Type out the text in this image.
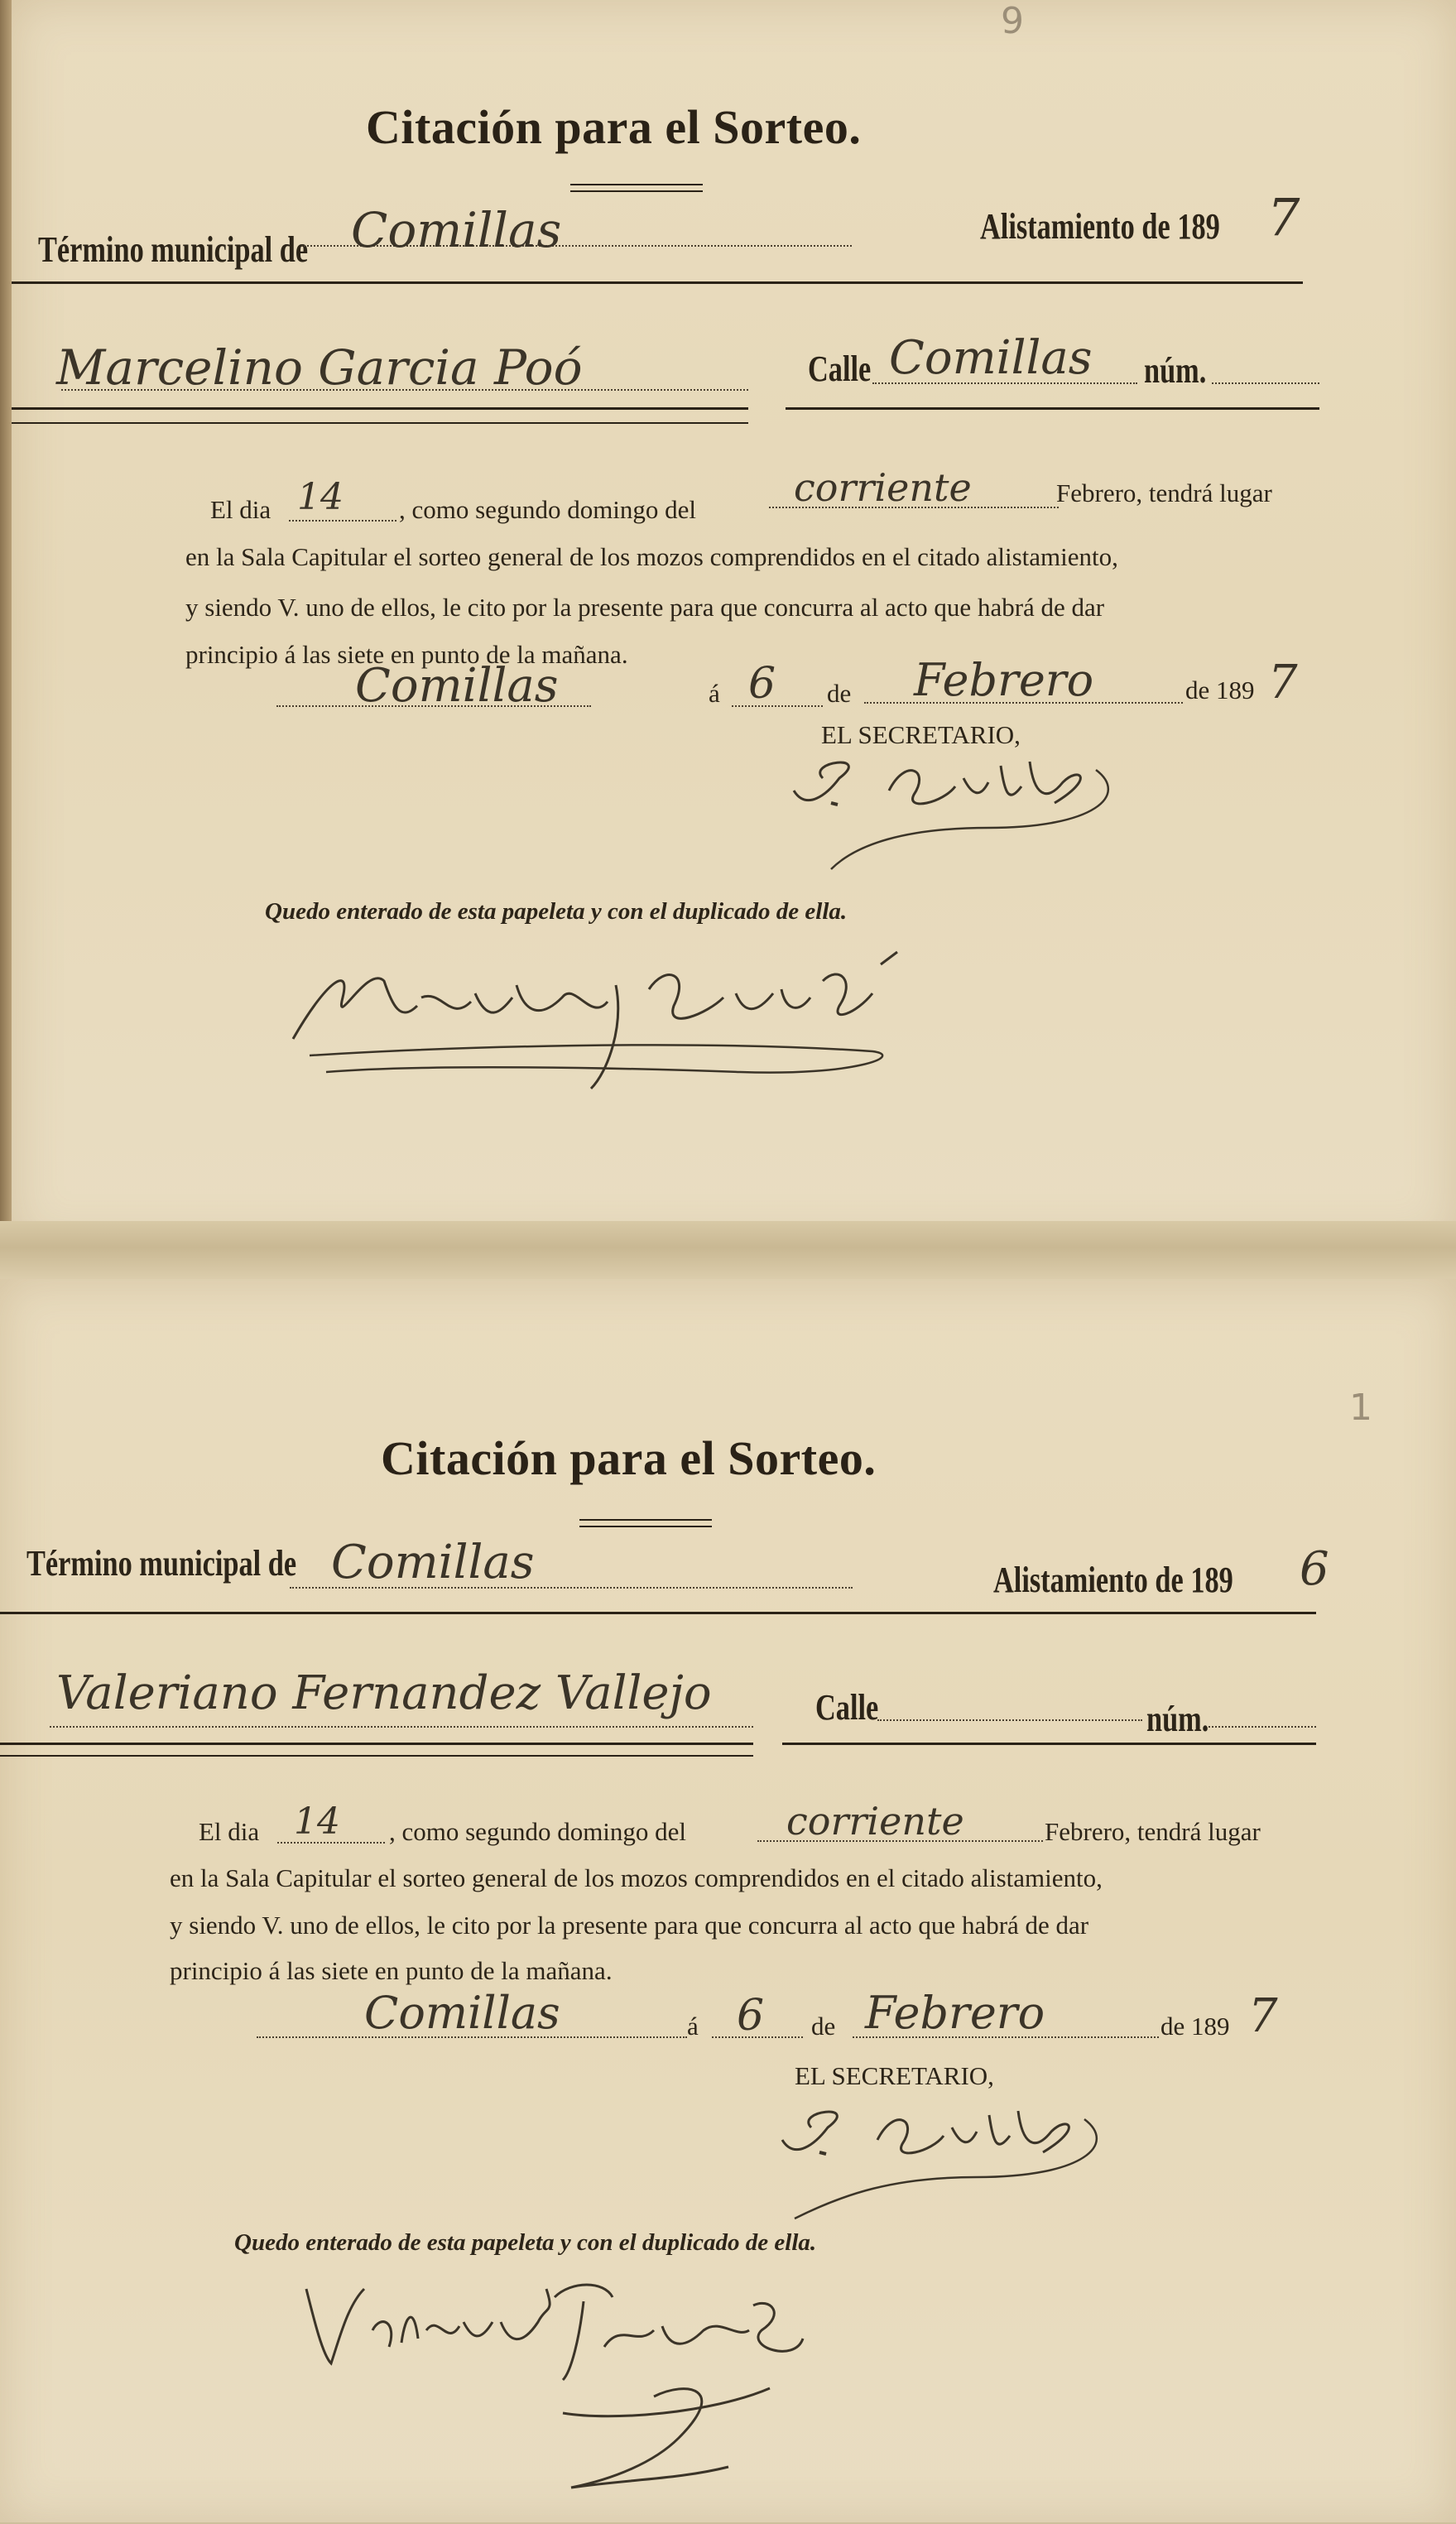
9
Citación para el Sorteo.
Término municipal de Comillas	Alistamiento de 189 7
Marcelino Garcia Poó	Calle Comillas núm.
El dia 14 , como segundo domingo del	corriente	Febrero, tendrá lugar
en la Sala Capitular el sorteo general de los mozos comprendidos en el citado alistamiento,
y siendo V. uno de ellos, le cito por la presente para que concurra al acto que habrá de dar
principio á las siete en punto de la mañana.
Comillas	á 6 de Febrero	de 189 7
EL SECRETARIO,
Quedo enterado de esta papeleta y con el duplicado de ella.
1
Citación para el Sorteo.
Término municipal de Comillas	Alistamiento de 189 6
Valeriano Fernandez Vallejo	Calle	núm.
El dia 14 , como segundo domingo del	corriente	Febrero, tendrá lugar
en la Sala Capitular el sorteo general de los mozos comprendidos en el citado alistamiento,
y siendo V. uno de ellos, le cito por la presente para que concurra al acto que habrá de dar
principio á las siete en punto de la mañana.
Comillas	á 6 de Febrero	de 189 7
EL SECRETARIO,
Quedo enterado de esta papeleta y con el duplicado de ella.
